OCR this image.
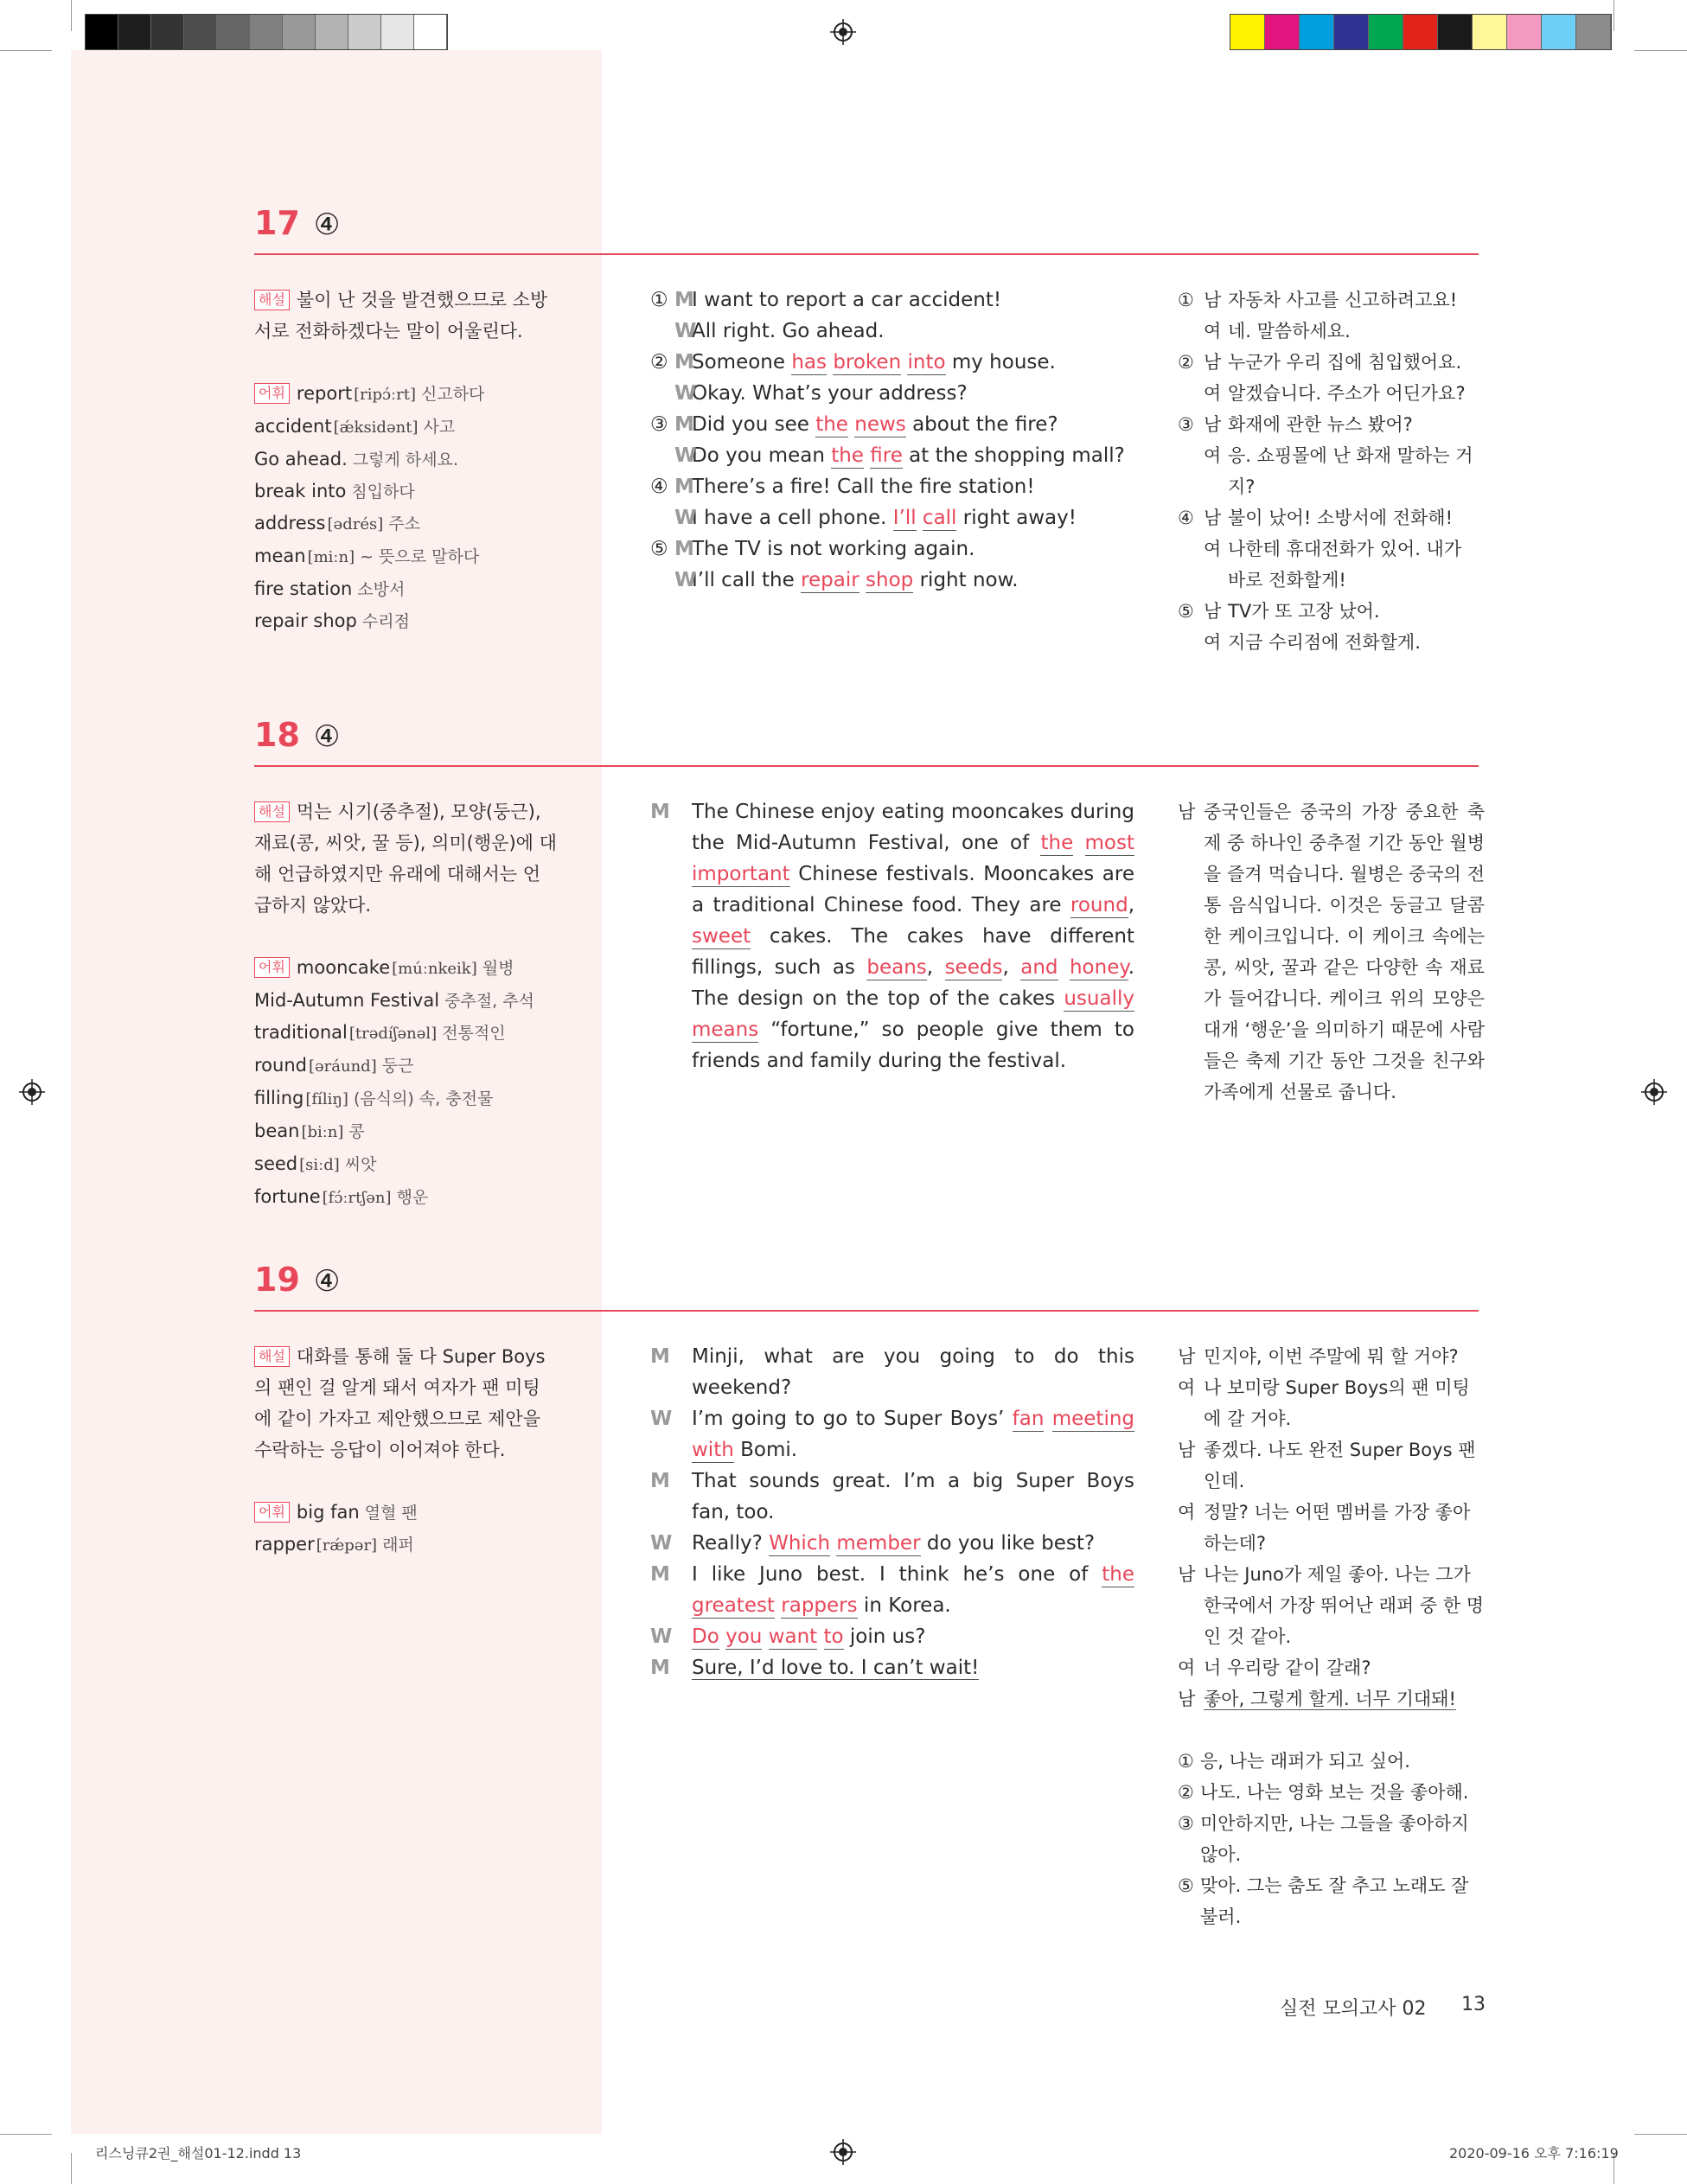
17 ④
해설 불이 난 것을 발견했으므로 소방서로 전화하겠다는 말이 어울린다.
어휘 report [ripɔ́ːrt] 신고하다
accident [ǽksidənt] 사고
Go ahead. 그렇게 하세요.
break into 침입하다
address [ədrés] 주소
mean [miːn] ~ 뜻으로 말하다
fire station 소방서
repair shop 수리점
① M
I want to report a car accident!
W
All right. Go ahead.
② M
Someone has broken into my house.
W
Okay. What’s your address?
③ M
Did you see the news about the fire?
W
Do you mean the fire at the shopping mall?
④ M
There’s a fire! Call the fire station!
W
I have a cell phone. I’ll call right away!
⑤ M
The TV is not working again.
W
I’ll call the repair shop right now.
① 남 자동차 사고를 신고하려고요!
여 네. 말씀하세요.
② 남 누군가 우리 집에 침입했어요.
여 알겠습니다. 주소가 어딘가요?
③ 남 화재에 관한 뉴스 봤어?
여 응. 쇼핑몰에 난 화재 말하는 거지?
④ 남 불이 났어! 소방서에 전화해!
여 나한테 휴대전화가 있어. 내가 바로 전화할게!
⑤ 남 TV가 또 고장 났어.
여 지금 수리점에 전화할게.
18 ④
해설 먹는 시기(중추절), 모양(둥근), 재료(콩, 씨앗, 꿀 등), 의미(행운)에 대해 언급하였지만 유래에 대해서는 언급하지 않았다.
어휘 mooncake [múːnkeik] 월병
Mid-Autumn Festival 중추절, 추석
traditional [trədíʃənəl] 전통적인
round [əráund] 둥근
filling [fíliŋ] (음식의) 속, 충전물
bean [biːn] 콩
seed [siːd] 씨앗
fortune [fɔ́ːrtʃən] 행운
M The Chinese enjoy eating mooncakes during the Mid-Autumn Festival, one of the most important Chinese festivals. Mooncakes are a traditional Chinese food. They are round, sweet cakes. The cakes have different fillings, such as beans, seeds, and honey. The design on the top of the cakes usually means “fortune,” so people give them to friends and family during the festival.
남 중국인들은 중국의 가장 중요한 축제 중 하나인 중추절 기간 동안 월병을 즐겨 먹습니다. 월병은 중국의 전통 음식입니다. 이것은 둥글고 달콤한 케이크입니다. 이 케이크 속에는 콩, 씨앗, 꿀과 같은 다양한 속 재료가 들어갑니다. 케이크 위의 모양은 대개 ‘행운’을 의미하기 때문에 사람들은 축제 기간 동안 그것을 친구와 가족에게 선물로 줍니다.
19 ④
해설 대화를 통해 둘 다 Super Boys의 팬인 걸 알게 돼서 여자가 팬 미팅에 같이 가자고 제안했으므로 제안을 수락하는 응답이 이어져야 한다.
어휘 big fan 열혈 팬
rapper [rǽpər] 래퍼
M Minji, what are you going to do this weekend?
W I’m going to go to Super Boys’ fan meeting with Bomi.
M That sounds great. I’m a big Super Boys fan, too.
W Really? Which member do you like best?
M I like Juno best. I think he’s one of the greatest rappers in Korea.
W Do you want to join us?
M Sure, I’d love to. I can’t wait!
남 민지야, 이번 주말에 뭐 할 거야?
여 나 보미랑 Super Boys의 팬 미팅에 갈 거야.
남 좋겠다. 나도 완전 Super Boys 팬인데.
여 정말? 너는 어떤 멤버를 가장 좋아하는데?
남 나는 Juno가 제일 좋아. 나는 그가 한국에서 가장 뛰어난 래퍼 중 한 명인 것 같아.
여 너 우리랑 같이 갈래?
남 좋아, 그렇게 할게. 너무 기대돼!
① 응, 나는 래퍼가 되고 싶어.
② 나도. 나는 영화 보는 것을 좋아해.
③ 미안하지만, 나는 그들을 좋아하지 않아.
⑤ 맞아. 그는 춤도 잘 추고 노래도 잘 불러.
실전 모의고사 02 13
리스닝큐2권_해설01-12.indd 13	2020-09-16 오후 7:16:19
